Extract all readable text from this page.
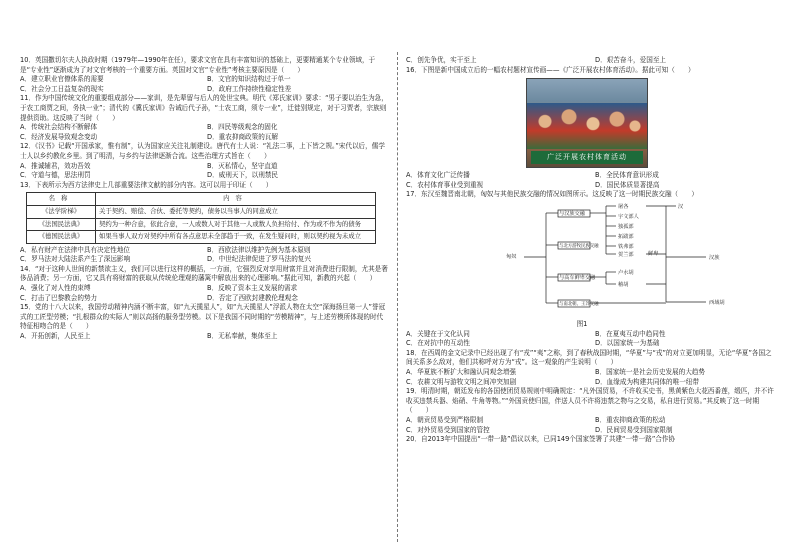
10．英国撒切尔夫人执政时期（1979年—1990年在任），要求文官在具有丰富知识的基础上，更要精通某个专业领域，于是“专业性”逐渐成为了对文官考核的一个重要方面。英国对文官“专业性”考核主要原因是（　　）

A．建立职业官僚体系的需要	B．文官的知识结构过于单一
C．社会分工日益复杂的现实	D．政府工作持续性稳定性差

11．作为中国传统文化的重要组成部分——家训，是先辈留与后人的处世宝典。明代《郑氏家训》要求：“男子要以治生为急，于农工商贾之间，务执一业”；清代的《冀氏家训》告诫后代子孙，“士农工商，须专一业”，迁徙别规定，对于习贾者，宗族则提供资助。这反映了当时（　　）

A．传统社会结构不断解体	B．四民等级观念的固化
C．经济发展导致观念变动	D．重农抑商政策的瓦解

12．《汉书》记载“开国承家，惟有制”，认为国家应关注礼制建设。唐代有士人说：“礼法二事，上下皆之规。”宋代以后，儒学士人以乡约教化乡里。到了明清，与乡约与法律逐渐合流。这些治理方式旨在（　　）

A．推诚辅君，效功吾效	B．灭私情心，坚守直道
C．守道与德，思法刑罚	D．威刑天下，以刑禁民

13．下表所示为西方法律史上几部重要法律文献的部分内容。这可以用于印证（　　）

名称	内容
《法学阶梯》	关于契约、赔偿、合伙、委托等契约，债务以当事人的同意成立
《法国民法典》	契约为一种合意，依此合意，一人或数人对于其他一人或数人负担给付、作为或不作为的债务
《德国民法典》	如果当事人双方对契约中所有各点意思未全部趋于一致，在发生疑问时，则以契约视为未成立
A．私有财产在法律中具有决定性地位	B．西欧法律以维护先例为基本原则
C．罗马法对大陆法系产生了深远影响	D．中世纪法律促进了罗马法的复兴

14．“对于这种人世间的新禁欲主义，我们可以进行这样的概括，一方面，它强烈反对享用财富并且对消费进行限制，尤其是奢侈品消费；另一方面，它又具有将财富的获取从传统伦理观的藩篱中解放出来的心理影响。”据此可知，新教的兴起（　　）

A．强化了对人性的束缚	B．反映了资本主义发展的需求
C．打击了巴黎教会的势力	D．否定了西欧封建教伦理观念

15．党的十八大以来，我国劳动精神内涵不断丰富，如“九天揽星人”，如“九天揽星人”浮派人物在太空“深海扬旦第一人”誉冠式的工匠型劳模；“扎根群众的实际人”则以高扬的服务型劳模。以下是我国不同时期的“劳模精神”，与上述劳模所体现的时代特征相吻合的是（　　）

A．开拓创新，人民至上	B．无私奉献，集体至上
C．创先争优，实干至上	D．艰苦奋斗，爱国至上

16．下图是新中国成立后的一幅农村题材宣传画——《广泛开展农村体育活动》。据此可知（　　）

广泛开展农村体育活动
A．体育文化广泛传播	B．全民体育意识形成
C．农村体育事业受到重视	D．国民体质显著提高

17．东汉至魏晋南北朝，匈奴与其他民族交融的情况如图所示。这反映了这一时期民族交融（　　）

匈奴
与汉族交融
与北方游牧民族交融
与高车鲜卑交融
与南北朝、王莽交融
屠各
宇文部人
独孤部
拓跋部
铁弗部
贺兰部	鲜卑
卢水胡
稽胡
汉
汉族
西域胡
图1
A．关键在于文化认同	B．在夏夷互动中趋同性
C．在对抗中的互动性	D．以国家统一为基础

18．在西周的金文记录中已经出现了有“戎”“夷”之称，到了春秋战国时期，“华夏”与“戎”的对立更加明显，无论“华夏”各国之间关系多么敌对，他们共称呼对方为“戎”。这一观象的产生说明（　　）

A．华夏族不断扩大和融认同观念增强	B．国家统一是社会历史发展的大趋势
C．农耕文明与游牧文明之间冲突加剧	D．血缘成为构建共同体的唯一纽带

19．明清时期，朝廷发布的各国使团贸易规则中明确规定：“凡外国贸易，不许收买史书，黑黄紫色大花西番莲，缎匹，并不许收买违禁兵器、焰硝、牛角等物。”“外国贡使归国，伴送人员不许将违禁之物与之交易，私自进行贸易。”其反映了这一时期（　　）

A．朝贡贸易受到严格限制	B．重农抑商政策的松动
C．对外贸易受到国家的管控	D．民间贸易受到国家限制

20．自2013年中国提出“一带一路”倡议以来，已同149个国家签署了共建“一带一路”合作协
